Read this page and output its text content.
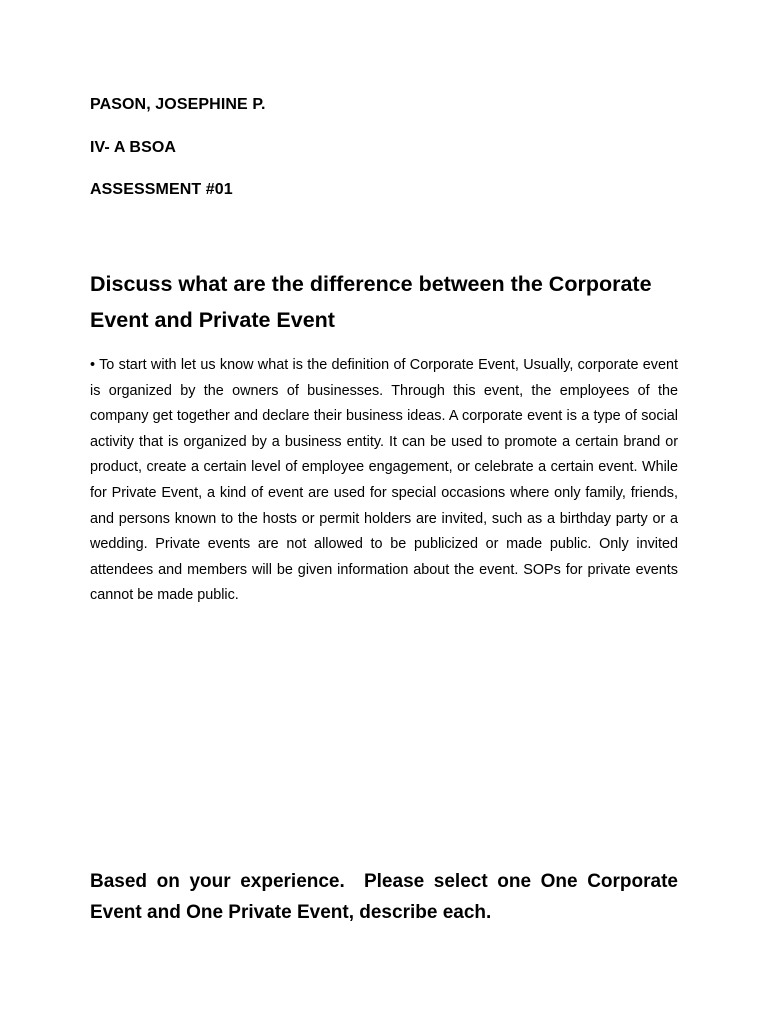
PASON, JOSEPHINE P.
IV- A BSOA
ASSESSMENT #01
Discuss what are the difference between the Corporate Event and Private Event

• To start with let us know what is the definition of Corporate Event, Usually, corporate event is organized by the owners of businesses. Through this event, the employees of the company get together and declare their business ideas. A corporate event is a type of social activity that is organized by a business entity. It can be used to promote a certain brand or product, create a certain level of employee engagement, or celebrate a certain event. While for Private Event, a kind of event are used for special occasions where only family, friends, and persons known to the hosts or permit holders are invited, such as a birthday party or a wedding. Private events are not allowed to be publicized or made public. Only invited attendees and members will be given information about the event. SOPs for private events cannot be made public.

Based on your experience.  Please select one One Corporate Event and One Private Event, describe each.
